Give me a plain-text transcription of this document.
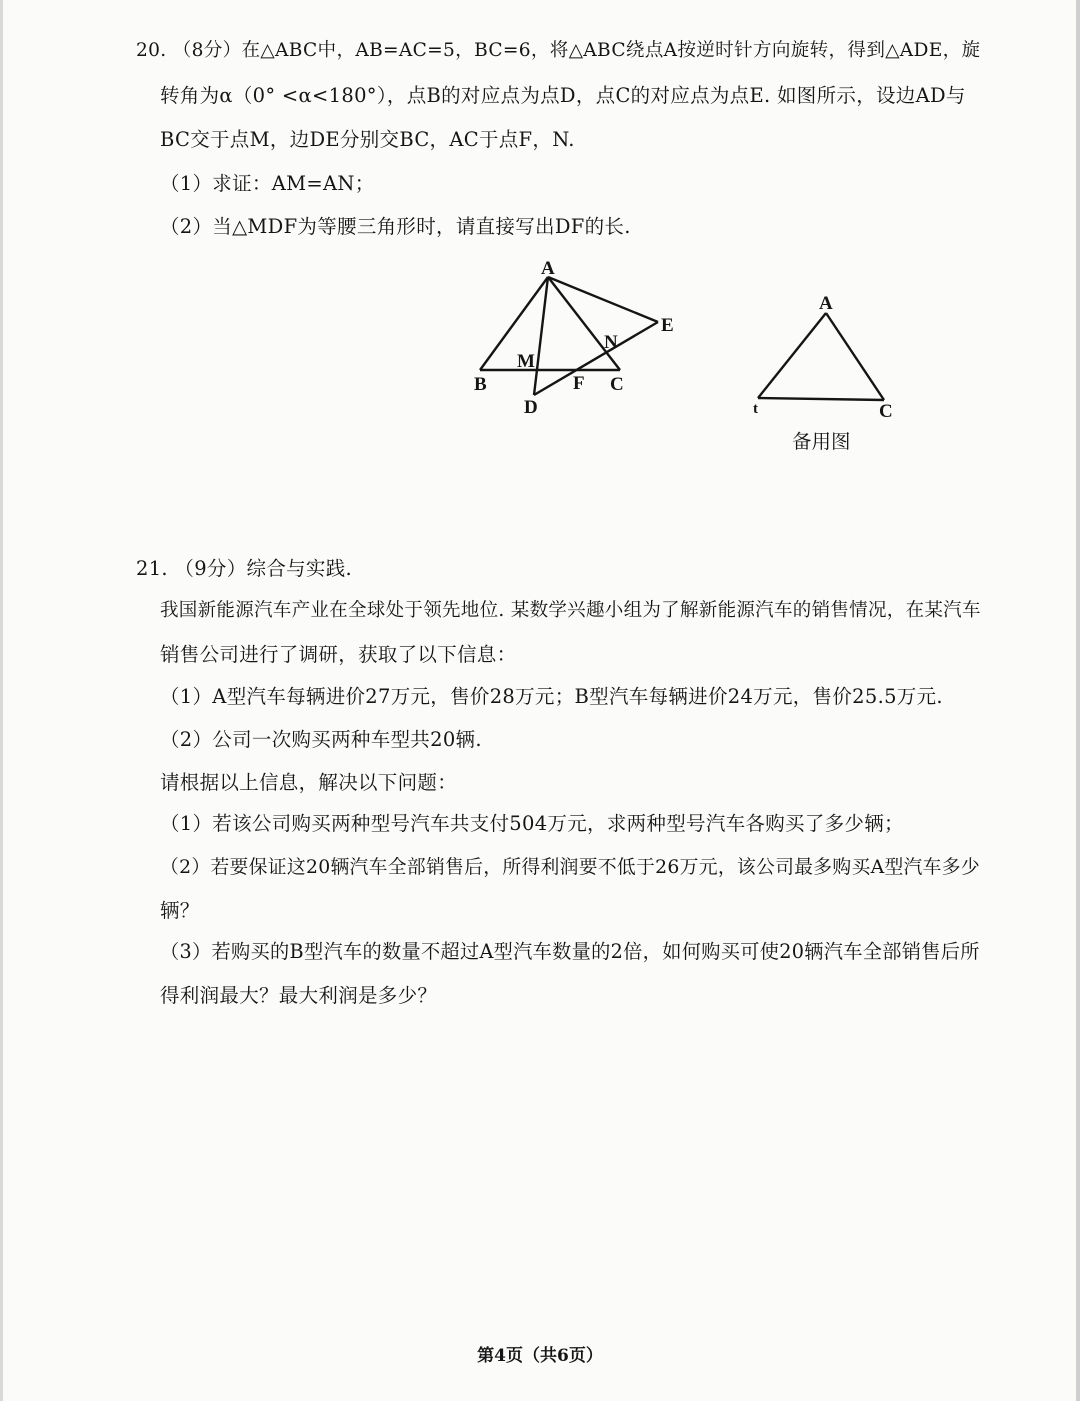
20. （8分）在△ABC中，AB=AC=5，BC=6，将△ABC绕点A按逆时针方向旋转，得到△ADE，旋
转角为α（0° <α<180°），点B的对应点为点D，点C的对应点为点E. 如图所示，设边AD与
BC交于点M，边DE分别交BC，AC于点F，N.
（1）求证：AM=AN；
（2）当△MDF为等腰三角形时，请直接写出DF的长.
A
B	C
D
E
M
F
N
A
t	C
备用图
21. （9分）综合与实践.
我国新能源汽车产业在全球处于领先地位. 某数学兴趣小组为了解新能源汽车的销售情况，在某汽车
销售公司进行了调研，获取了以下信息：
（1）A型汽车每辆进价27万元，售价28万元；B型汽车每辆进价24万元，售价25.5万元.
（2）公司一次购买两种车型共20辆.
请根据以上信息，解决以下问题：
（1）若该公司购买两种型号汽车共支付504万元，求两种型号汽车各购买了多少辆；
（2）若要保证这20辆汽车全部销售后，所得利润要不低于26万元，该公司最多购买A型汽车多少
辆？
（3）若购买的B型汽车的数量不超过A型汽车数量的2倍，如何购买可使20辆汽车全部销售后所
得利润最大？最大利润是多少？
第4页（共6页）
